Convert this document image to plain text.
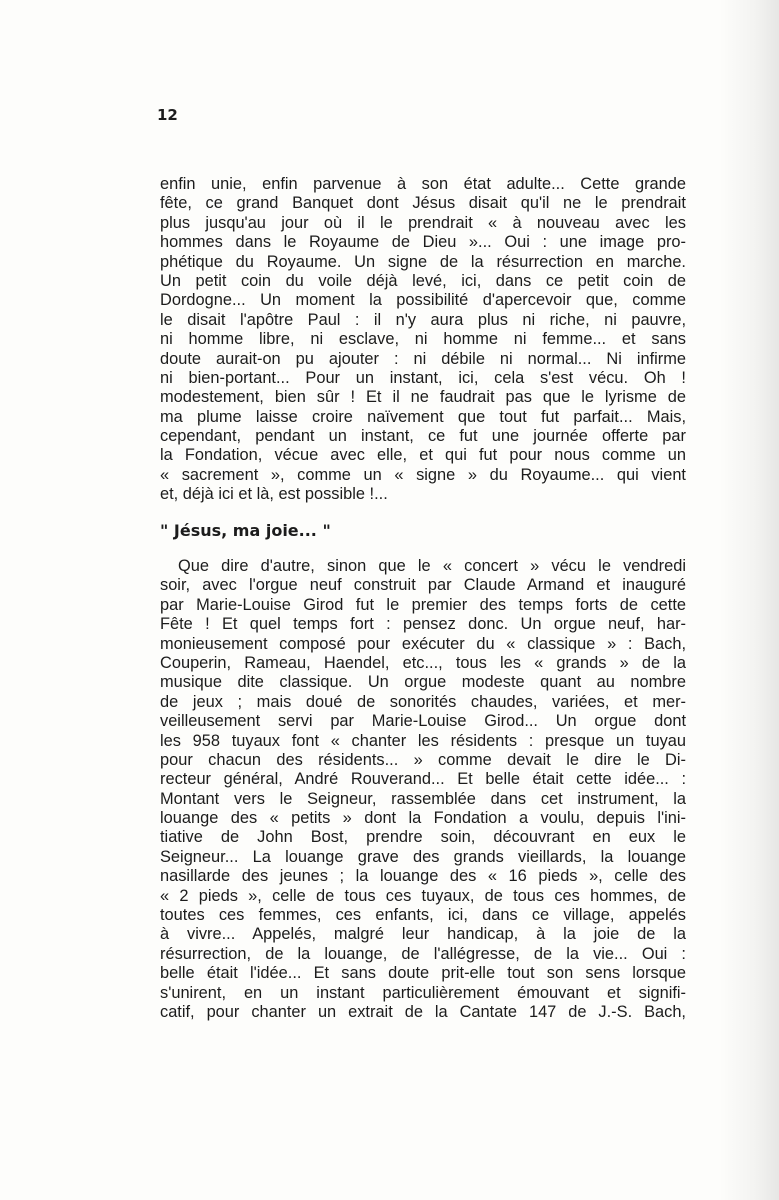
12
enfin unie, enfin parvenue à son état adulte... Cette grande
fête, ce grand Banquet dont Jésus disait qu'il ne le prendrait
plus jusqu'au jour où il le prendrait « à nouveau avec les
hommes dans le Royaume de Dieu »... Oui : une image pro-
phétique du Royaume. Un signe de la résurrection en marche.
Un petit coin du voile déjà levé, ici, dans ce petit coin de
Dordogne... Un moment la possibilité d'apercevoir que, comme
le disait l'apôtre Paul : il n'y aura plus ni riche, ni pauvre,
ni homme libre, ni esclave, ni homme ni femme... et sans
doute aurait-on pu ajouter : ni débile ni normal... Ni infirme
ni bien-portant... Pour un instant, ici, cela s'est vécu. Oh !
modestement, bien sûr ! Et il ne faudrait pas que le lyrisme de
ma plume laisse croire naïvement que tout fut parfait... Mais,
cependant, pendant un instant, ce fut une journée offerte par
la Fondation, vécue avec elle, et qui fut pour nous comme un
« sacrement », comme un « signe » du Royaume... qui vient
et, déjà ici et là, est possible !...
" Jésus, ma joie... "
Que dire d'autre, sinon que le « concert » vécu le vendredi
soir, avec l'orgue neuf construit par Claude Armand et inauguré
par Marie-Louise Girod fut le premier des temps forts de cette
Fête ! Et quel temps fort : pensez donc. Un orgue neuf, har-
monieusement composé pour exécuter du « classique » : Bach,
Couperin, Rameau, Haendel, etc..., tous les « grands » de la
musique dite classique. Un orgue modeste quant au nombre
de jeux ; mais doué de sonorités chaudes, variées, et mer-
veilleusement servi par Marie-Louise Girod... Un orgue dont
les 958 tuyaux font « chanter les résidents : presque un tuyau
pour chacun des résidents... » comme devait le dire le Di-
recteur général, André Rouverand... Et belle était cette idée... :
Montant vers le Seigneur, rassemblée dans cet instrument, la
louange des « petits » dont la Fondation a voulu, depuis l'ini-
tiative de John Bost, prendre soin, découvrant en eux le
Seigneur... La louange grave des grands vieillards, la louange
nasillarde des jeunes ; la louange des « 16 pieds », celle des
« 2 pieds », celle de tous ces tuyaux, de tous ces hommes, de
toutes ces femmes, ces enfants, ici, dans ce village, appelés
à vivre... Appelés, malgré leur handicap, à la joie de la
résurrection, de la louange, de l'allégresse, de la vie... Oui :
belle était l'idée... Et sans doute prit-elle tout son sens lorsque
s'unirent, en un instant particulièrement émouvant et signifi-
catif, pour chanter un extrait de la Cantate 147 de J.-S. Bach,
